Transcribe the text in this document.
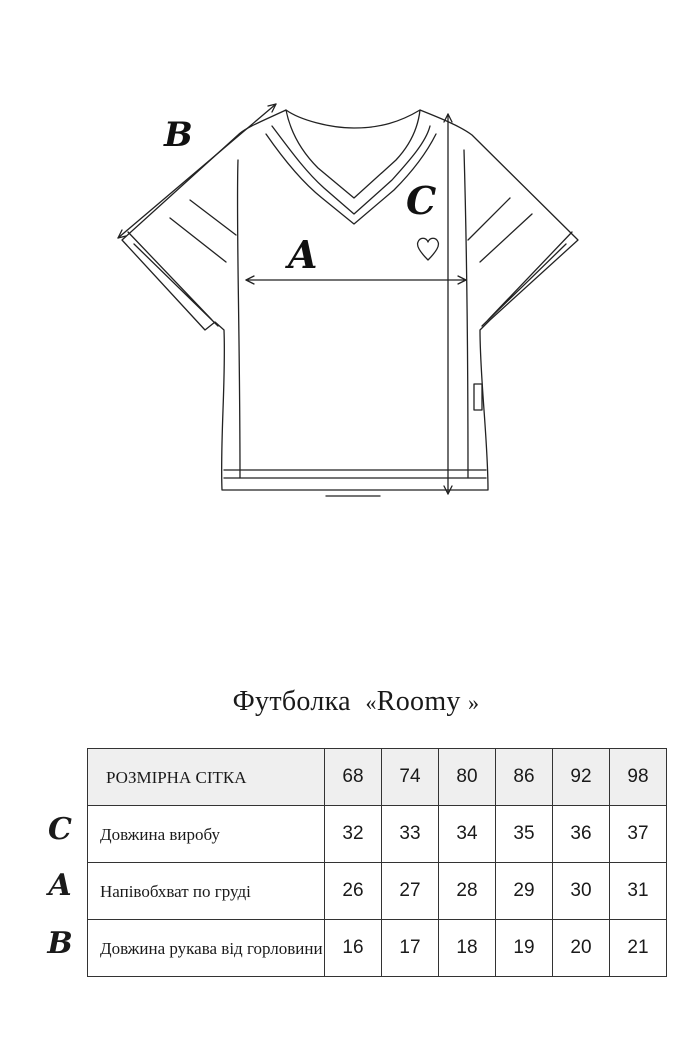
B
A
C
Футболка «Roomy »
РОЗМІРНА СІТКА	68	74	80	86	92	98
Довжина виробу	32	33	34	35	36	37
Напівобхват по груді	26	27	28	29	30	31
Довжина рукава від горловини	16	17	18	19	20	21
C
A
B
